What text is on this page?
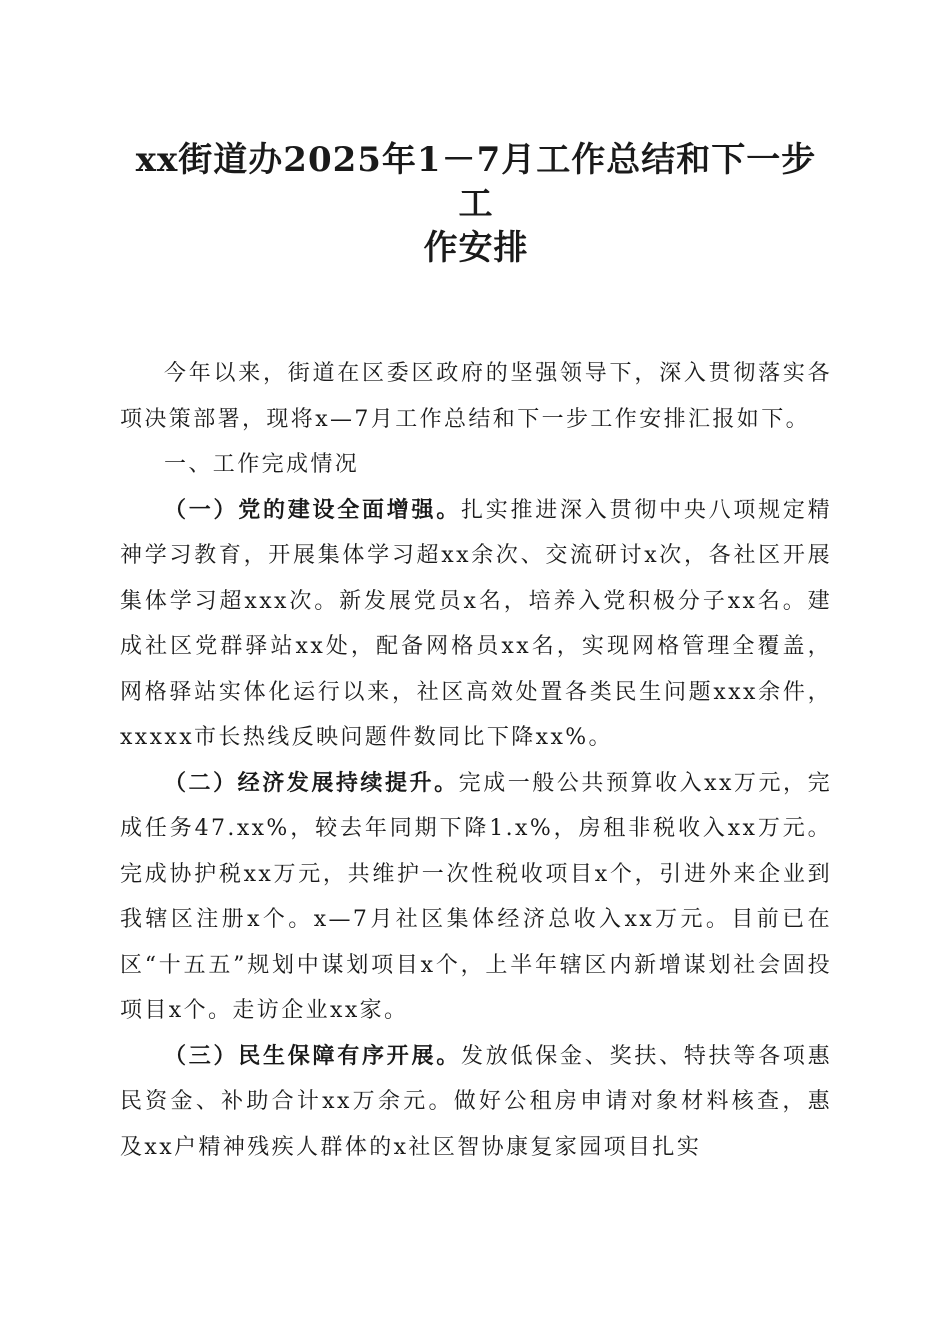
xx街道办2025年1－7月工作总结和下一步工
作安排

今年以来，街道在区委区政府的坚强领导下，深入贯彻落实各项决策部署，现将x—7月工作总结和下一步工作安排汇报如下。

一、工作完成情况

（一）党的建设全面增强。扎实推进深入贯彻中央八项规定精神学习教育，开展集体学习超xx余次、交流研讨x次，各社区开展集体学习超xxx次。新发展党员x名，培养入党积极分子xx名。建成社区党群驿站xx处，配备网格员xx名，实现网格管理全覆盖，网格驿站实体化运行以来，社区高效处置各类民生问题xxx余件，xxxxx市长热线反映问题件数同比下降xx%。

（二）经济发展持续提升。完成一般公共预算收入xx万元，完成任务47.xx%，较去年同期下降1.x%，房租非税收入xx万元。完成协护税xx万元，共维护一次性税收项目x个，引进外来企业到我辖区注册x个。x—7月社区集体经济总收入xx万元。目前已在区“十五五”规划中谋划项目x个，上半年辖区内新增谋划社会固投项目x个。走访企业xx家。

（三）民生保障有序开展。发放低保金、奖扶、特扶等各项惠民资金、补助合计xx万余元。做好公租房申请对象材料核查，惠及xx户精神残疾人群体的x社区智协康复家园项目扎实
